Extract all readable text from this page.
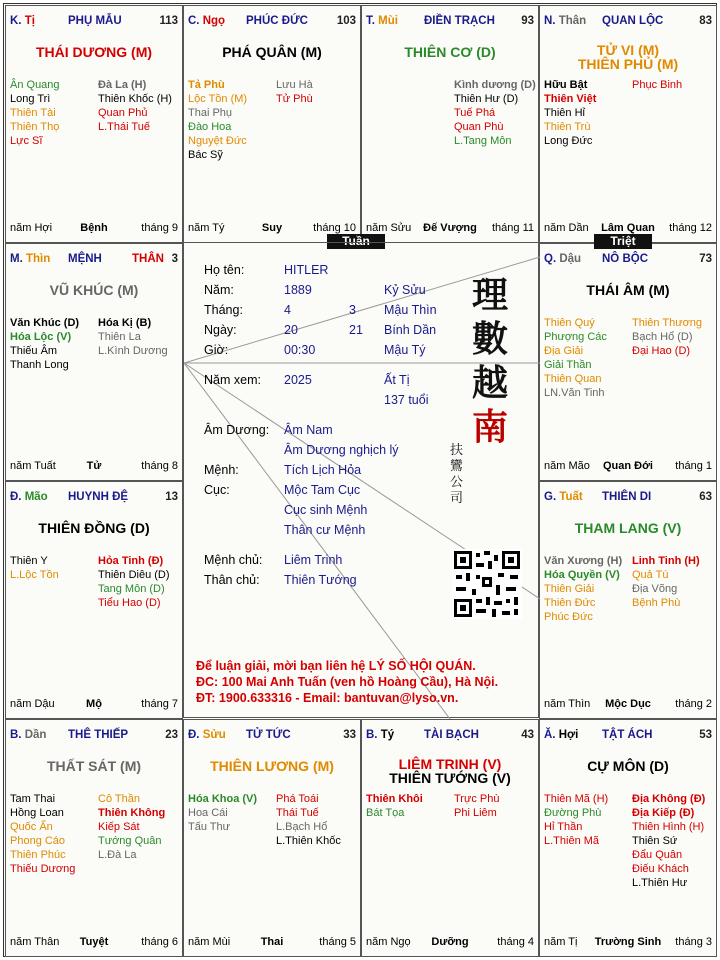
K. Tị	PHỤ MẪU	113
THÁI DƯƠNG (M)
Ân Quang
Long Trì
Thiên Tài
Thiên Thọ
Lực Sĩ
Đà La (H)
Thiên Khốc (H)
Quan Phủ
L.Thái Tuế
năm Hợi	Bệnh	tháng 9
C. Ngọ PHÚC ĐỨC	103
PHÁ QUÂN (M)
Tả Phù
Lộc Tồn (M)
Thai Phụ
Đào Hoa
Nguyệt Đức
Bác Sỹ
Lưu Hà
Tử Phù
năm Tý	Suy	tháng 10
T. Mùi ĐIỀN TRẠCH 93
THIÊN CƠ (D)
Kình dương (D)
Thiên Hư (D)
Tuế Phá
Quan Phù
L.Tang Môn
năm Sửu	Đế Vượng	tháng 11
N. Thân QUAN LỘC	83
TỬ VI (M)
THIÊN PHỦ (M)
Hữu Bật
Thiên Việt
Thiên Hỉ
Thiên Trù
Long Đức
Phục Binh
năm Dần	Lâm Quan	tháng 12
Q. Dậu NÔ BỘC	73
THÁI ÂM (M)
Thiên Quý
Phượng Các
Địa Giải
Giải Thần
Thiên Quan
LN.Văn Tinh
Thiên Thương
Bạch Hổ (D)
Đại Hao (D)
năm Mão	Quan Đới	tháng 1
G. Tuất THIÊN DI	63
THAM LANG (V)
Văn Xương (H)
Hóa Quyền (V)
Thiên Giải
Thiên Đức
Phúc Đức
Linh Tinh (H)
Quả Tú
Địa Võng
Bệnh Phù
năm Thìn	Mộc Dục	tháng 2
Ă. Hợi TẬT ÁCH	53
CỰ MÔN (D)
Thiên Mã (H)
Đường Phù
Hỉ Thần
L.Thiên Mã
Địa Không (Đ)
Địa Kiếp (Đ)
Thiên Hình (H)
Thiên Sứ
Đẩu Quân
Điếu Khách
L.Thiên Hư
năm Tị	Trường Sinh	tháng 3
B. Tý	TÀI BẠCH	43
LIÊM TRINH (V)
THIÊN TƯỚNG (V)
Thiên Khôi
Bát Tọa
Trực Phù
Phi Liêm
năm Ngọ	Dưỡng	tháng 4
Đ. Sửu TỬ TỨC	33
THIÊN LƯƠNG (M)
Hóa Khoa (V)
Hoa Cái
Tấu Thư
Phá Toái
Thái Tuế
L.Bạch Hổ
L.Thiên Khốc
năm Mùi	Thai	tháng 5
B. Dần THÊ THIẾP	23
THẤT SÁT (M)
Tam Thai
Hồng Loan
Quốc Ấn
Phong Cáo
Thiên Phúc
Thiếu Dương
Cô Thần
Thiên Không
Kiếp Sát
Tướng Quân
L.Đà La
năm Thân	Tuyệt	tháng 6
Đ. Mão HUYNH ĐỆ	13
THIÊN ĐỒNG (D)
Thiên Y
L.Lộc Tồn
Hỏa Tinh (Đ)
Thiên Diêu (D)
Tang Môn (D)
Tiểu Hao (D)
năm Dậu	Mộ	tháng 7
M. Thìn MỆNH	THÂN 3
VŨ KHÚC (M)
Văn Khúc (D)
Hóa Lộc (V)
Thiếu Âm
Thanh Long
Hóa Kị (B)
Thiên La
L.Kình Dương
năm Tuất	Tử	tháng 8
Tuần	Triệt
Họ tên:	HITLER
Năm:	1889	Kỷ Sửu
Tháng:	4	3 Mậu Thìn
Ngày:	20	21 Bính Dần
Giờ:	00:30	Mậu Tý
Năm xem: 2025	Ất Tị
137 tuổi
Âm Dương: Âm Nam
Âm Dương nghịch lý
Mệnh:	Tích Lịch Hỏa
Cục:	Mộc Tam Cục
Cục sinh Mệnh
Thân cư Mệnh
Mệnh chủ: Liêm Trinh
Thân chủ: Thiên Tướng
理
數
越
南
扶鸞公司
Để luận giải, mời bạn liên hệ LÝ SỐ HỘI QUÁN.
ĐC: 100 Mai Anh Tuấn (ven hồ Hoàng Cầu), Hà Nội.
ĐT: 1900.633316 - Email: bantuvan@lyso.vn.
